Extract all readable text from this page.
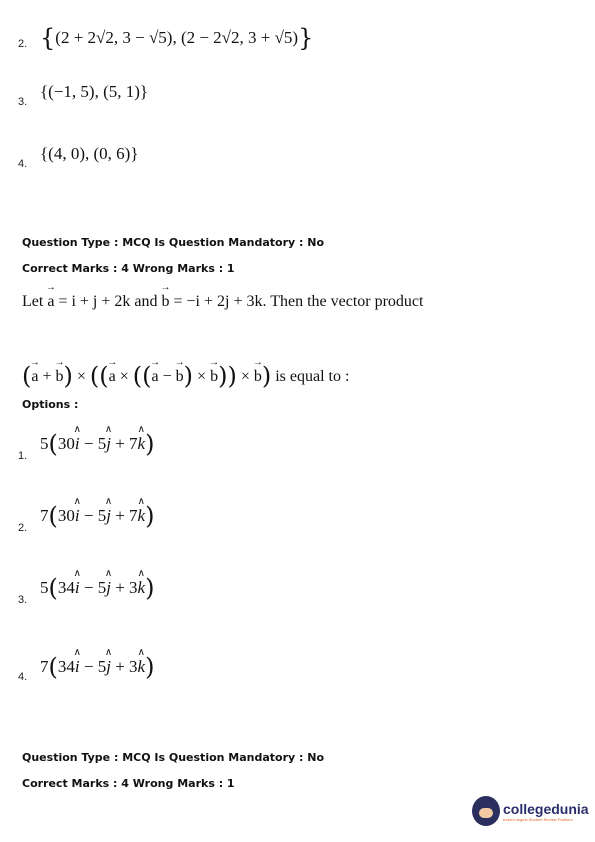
2. {(2 + 2√2, 3 − √5), (2 − 2√2, 3 + √5)}
3.
{(−1, 5), (5, 1)}
4.
{(4, 0), (0, 6)}
Question Type : MCQ Is Question Mandatory : No
Correct Marks : 4 Wrong Marks : 1
Let → a = i + j + 2k and → b = −i + 2j + 3k. Then the vector product
(→ a + → b) × ((→ a × ((→ a − → b) × → b)) × → b) is equal to :
Options :
1.
5(30∧ i − 5∧ j + 7∧ k)
2.
7(30∧ i − 5∧ j + 7∧ k)
3.
5(34∧ i − 5∧ j + 3∧ k)
4.
7(34∧ i − 5∧ j + 3∧ k)
Question Type : MCQ Is Question Mandatory : No
Correct Marks : 4 Wrong Marks : 1
collegedunia
India's largest Student Review Platform
